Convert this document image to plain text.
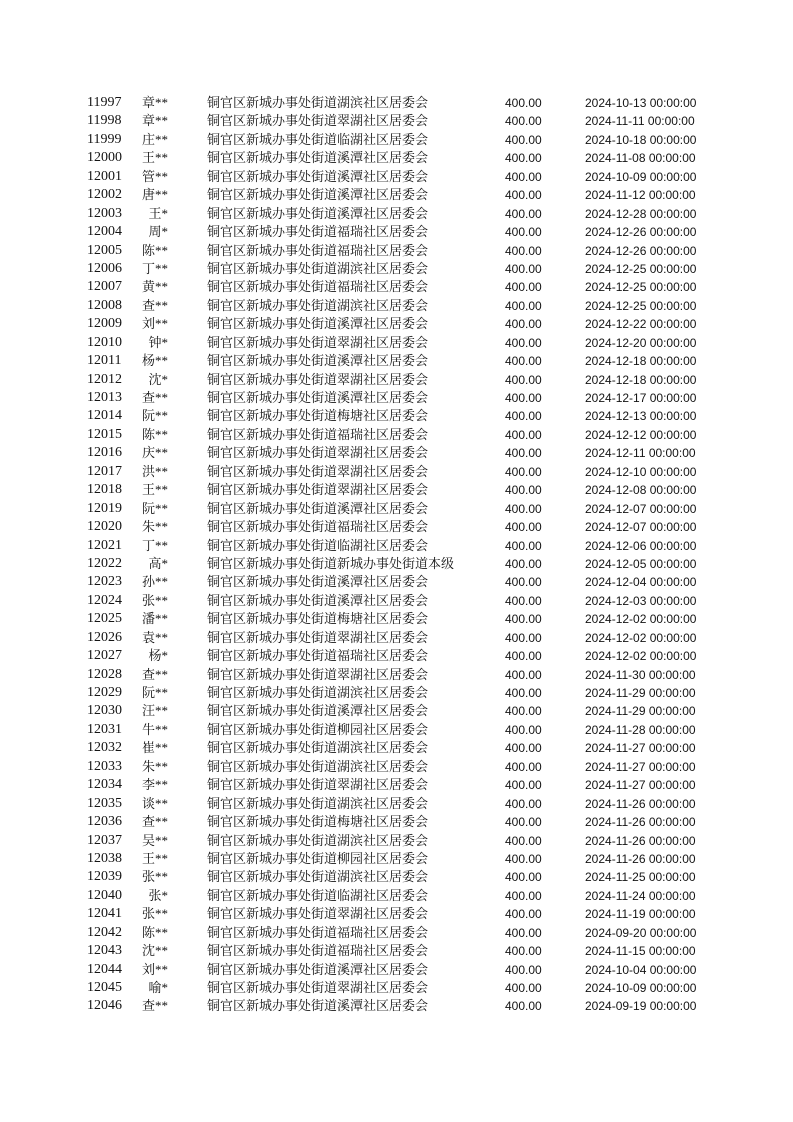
11997	章**	铜官区新城办事处街道湖滨社区居委会	400.00	2024-10-13 00:00:00
11998	章**	铜官区新城办事处街道翠湖社区居委会	400.00	2024-11-11 00:00:00
11999	庄**	铜官区新城办事处街道临湖社区居委会	400.00	2024-10-18 00:00:00
12000	王**	铜官区新城办事处街道溪潭社区居委会	400.00	2024-11-08 00:00:00
12001	管**	铜官区新城办事处街道溪潭社区居委会	400.00	2024-10-09 00:00:00
12002	唐**	铜官区新城办事处街道溪潭社区居委会	400.00	2024-11-12 00:00:00
12003	王*	铜官区新城办事处街道溪潭社区居委会	400.00	2024-12-28 00:00:00
12004	周*	铜官区新城办事处街道福瑞社区居委会	400.00	2024-12-26 00:00:00
12005	陈**	铜官区新城办事处街道福瑞社区居委会	400.00	2024-12-26 00:00:00
12006	丁**	铜官区新城办事处街道湖滨社区居委会	400.00	2024-12-25 00:00:00
12007	黄**	铜官区新城办事处街道福瑞社区居委会	400.00	2024-12-25 00:00:00
12008	查**	铜官区新城办事处街道湖滨社区居委会	400.00	2024-12-25 00:00:00
12009	刘**	铜官区新城办事处街道溪潭社区居委会	400.00	2024-12-22 00:00:00
12010	钟*	铜官区新城办事处街道翠湖社区居委会	400.00	2024-12-20 00:00:00
12011	杨**	铜官区新城办事处街道溪潭社区居委会	400.00	2024-12-18 00:00:00
12012	沈*	铜官区新城办事处街道翠湖社区居委会	400.00	2024-12-18 00:00:00
12013	查**	铜官区新城办事处街道溪潭社区居委会	400.00	2024-12-17 00:00:00
12014	阮**	铜官区新城办事处街道梅塘社区居委会	400.00	2024-12-13 00:00:00
12015	陈**	铜官区新城办事处街道福瑞社区居委会	400.00	2024-12-12 00:00:00
12016	庆**	铜官区新城办事处街道翠湖社区居委会	400.00	2024-12-11 00:00:00
12017	洪**	铜官区新城办事处街道翠湖社区居委会	400.00	2024-12-10 00:00:00
12018	王**	铜官区新城办事处街道翠湖社区居委会	400.00	2024-12-08 00:00:00
12019	阮**	铜官区新城办事处街道溪潭社区居委会	400.00	2024-12-07 00:00:00
12020	朱**	铜官区新城办事处街道福瑞社区居委会	400.00	2024-12-07 00:00:00
12021	丁**	铜官区新城办事处街道临湖社区居委会	400.00	2024-12-06 00:00:00
12022	高*	铜官区新城办事处街道新城办事处街道本级	400.00	2024-12-05 00:00:00
12023	孙**	铜官区新城办事处街道溪潭社区居委会	400.00	2024-12-04 00:00:00
12024	张**	铜官区新城办事处街道溪潭社区居委会	400.00	2024-12-03 00:00:00
12025	潘**	铜官区新城办事处街道梅塘社区居委会	400.00	2024-12-02 00:00:00
12026	袁**	铜官区新城办事处街道翠湖社区居委会	400.00	2024-12-02 00:00:00
12027	杨*	铜官区新城办事处街道福瑞社区居委会	400.00	2024-12-02 00:00:00
12028	查**	铜官区新城办事处街道翠湖社区居委会	400.00	2024-11-30 00:00:00
12029	阮**	铜官区新城办事处街道湖滨社区居委会	400.00	2024-11-29 00:00:00
12030	汪**	铜官区新城办事处街道溪潭社区居委会	400.00	2024-11-29 00:00:00
12031	牛**	铜官区新城办事处街道柳园社区居委会	400.00	2024-11-28 00:00:00
12032	崔**	铜官区新城办事处街道湖滨社区居委会	400.00	2024-11-27 00:00:00
12033	朱**	铜官区新城办事处街道湖滨社区居委会	400.00	2024-11-27 00:00:00
12034	李**	铜官区新城办事处街道翠湖社区居委会	400.00	2024-11-27 00:00:00
12035	谈**	铜官区新城办事处街道湖滨社区居委会	400.00	2024-11-26 00:00:00
12036	查**	铜官区新城办事处街道梅塘社区居委会	400.00	2024-11-26 00:00:00
12037	吴**	铜官区新城办事处街道湖滨社区居委会	400.00	2024-11-26 00:00:00
12038	王**	铜官区新城办事处街道柳园社区居委会	400.00	2024-11-26 00:00:00
12039	张**	铜官区新城办事处街道湖滨社区居委会	400.00	2024-11-25 00:00:00
12040	张*	铜官区新城办事处街道临湖社区居委会	400.00	2024-11-24 00:00:00
12041	张**	铜官区新城办事处街道翠湖社区居委会	400.00	2024-11-19 00:00:00
12042	陈**	铜官区新城办事处街道福瑞社区居委会	400.00	2024-09-20 00:00:00
12043	沈**	铜官区新城办事处街道福瑞社区居委会	400.00	2024-11-15 00:00:00
12044	刘**	铜官区新城办事处街道溪潭社区居委会	400.00	2024-10-04 00:00:00
12045	喻*	铜官区新城办事处街道翠湖社区居委会	400.00	2024-10-09 00:00:00
12046	查**	铜官区新城办事处街道溪潭社区居委会	400.00	2024-09-19 00:00:00
